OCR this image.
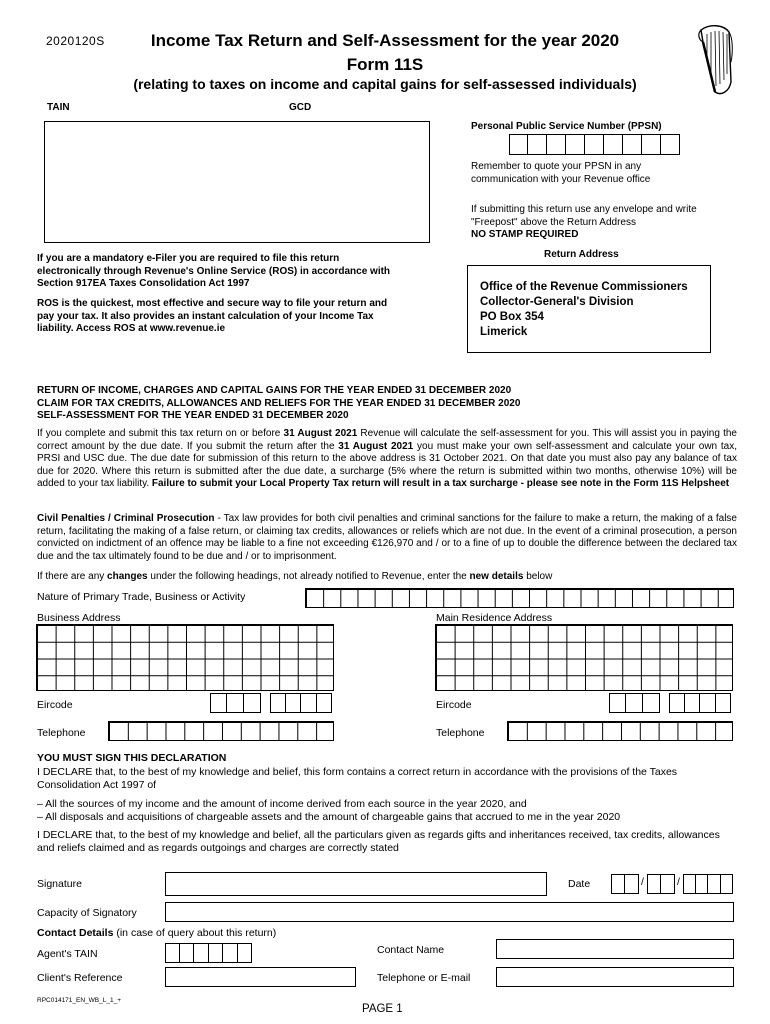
2020120S	Income Tax Return and Self-Assessment for the year 2020
Form 11S
(relating to taxes on income and capital gains for self-assessed individuals)
TAIN	GCD
Personal Public Service Number (PPSN)
Remember to quote your PPSN in any communication with your Revenue office
If submitting this return use any envelope and write "Freepost" above the Return Address
NO STAMP REQUIRED
Return Address
Office of the Revenue Commissioners
Collector-General's Division
PO Box 354
Limerick
If you are a mandatory e-Filer you are required to file this return electronically through Revenue's Online Service (ROS) in accordance with Section 917EA Taxes Consolidation Act 1997
ROS is the quickest, most effective and secure way to file your return and pay your tax. It also provides an instant calculation of your Income Tax liability. Access ROS at www.revenue.ie
RETURN OF INCOME, CHARGES AND CAPITAL GAINS FOR THE YEAR ENDED 31 DECEMBER 2020
CLAIM FOR TAX CREDITS, ALLOWANCES AND RELIEFS FOR THE YEAR ENDED 31 DECEMBER 2020
SELF-ASSESSMENT FOR THE YEAR ENDED 31 DECEMBER 2020
If you complete and submit this tax return on or before 31 August 2021 Revenue will calculate the self-assessment for you. This will assist you in paying the correct amount by the due date. If you submit the return after the 31 August 2021 you must make your own self-assessment and calculate your own tax, PRSI and USC due. The due date for submission of this return to the above address is 31 October 2021. On that date you must also pay any balance of tax due for 2020. Where this return is submitted after the due date, a surcharge (5% where the return is submitted within two months, otherwise 10%) will be added to your tax liability. Failure to submit your Local Property Tax return will result in a tax surcharge - please see note in the Form 11S Helpsheet
Civil Penalties / Criminal Prosecution - Tax law provides for both civil penalties and criminal sanctions for the failure to make a return, the making of a false return, facilitating the making of a false return, or claiming tax credits, allowances or reliefs which are not due. In the event of a criminal prosecution, a person convicted on indictment of an offence may be liable to a fine not exceeding €126,970 and / or to a fine of up to double the difference between the declared tax due and the tax ultimately found to be due and / or to imprisonment.
If there are any changes under the following headings, not already notified to Revenue, enter the new details below
Nature of Primary Trade, Business or Activity
Business Address	Main Residence Address
Eircode	Eircode
Telephone	Telephone
YOU MUST SIGN THIS DECLARATION
I DECLARE that, to the best of my knowledge and belief, this form contains a correct return in accordance with the provisions of the Taxes Consolidation Act 1997 of
– All the sources of my income and the amount of income derived from each source in the year 2020, and
– All disposals and acquisitions of chargeable assets and the amount of chargeable gains that accrued to me in the year 2020
I DECLARE that, to the best of my knowledge and belief, all the particulars given as regards gifts and inheritances received, tax credits, allowances and reliefs claimed and as regards outgoings and charges are correctly stated
Signature	Date	/	/
Capacity of Signatory
Contact Details (in case of query about this return)
Agent's TAIN	Contact Name
Client's Reference	Telephone or E-mail
RPC014171_EN_WB_L_1_+
PAGE 1
